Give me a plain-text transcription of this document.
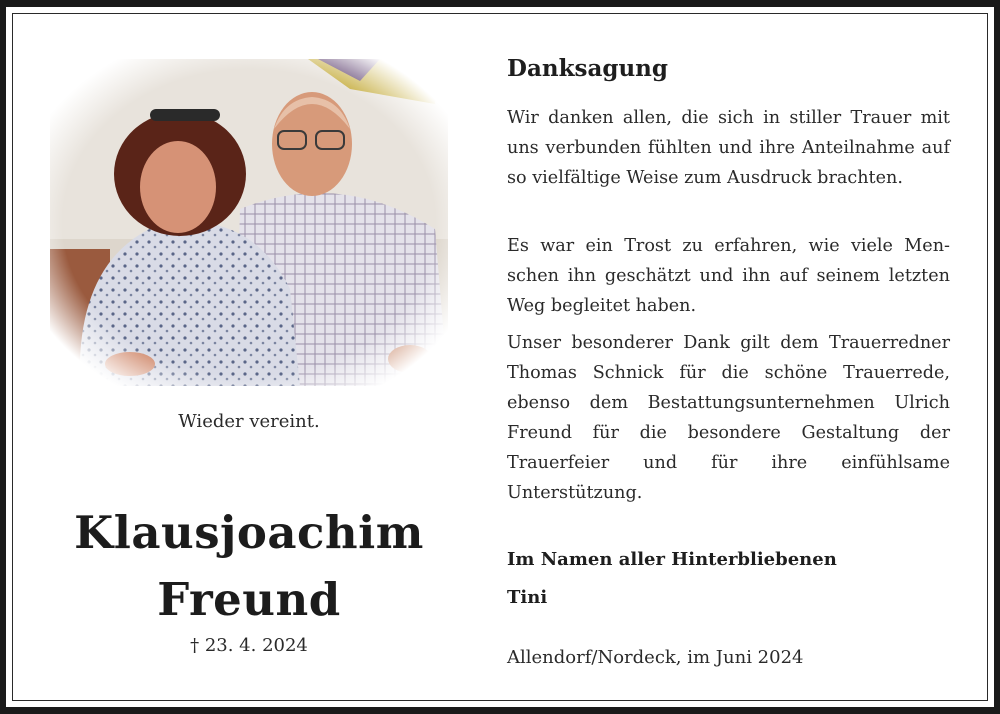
Wieder vereint.
Klausjoachim
Freund
† 23. 4. 2024
Danksagung
Wir danken allen, die sich in stiller Trauer mit uns verbunden fühlten und ihre Anteilnahme auf so vielfältige Weise zum Ausdruck brachten.
Es war ein Trost zu erfahren, wie viele Menschen ihn geschätzt und ihn auf seinem letzten Weg begleitet haben.
Unser besonderer Dank gilt dem Trauerredner Thomas Schnick für die schöne Trauerrede, ebenso dem Bestattungsunternehmen Ulrich Freund für die besondere Gestaltung der Trauerfeier und für ihre einfühlsame Unterstützung.
Im Namen aller Hinterbliebenen
Tini
Allendorf/Nordeck, im Juni 2024
